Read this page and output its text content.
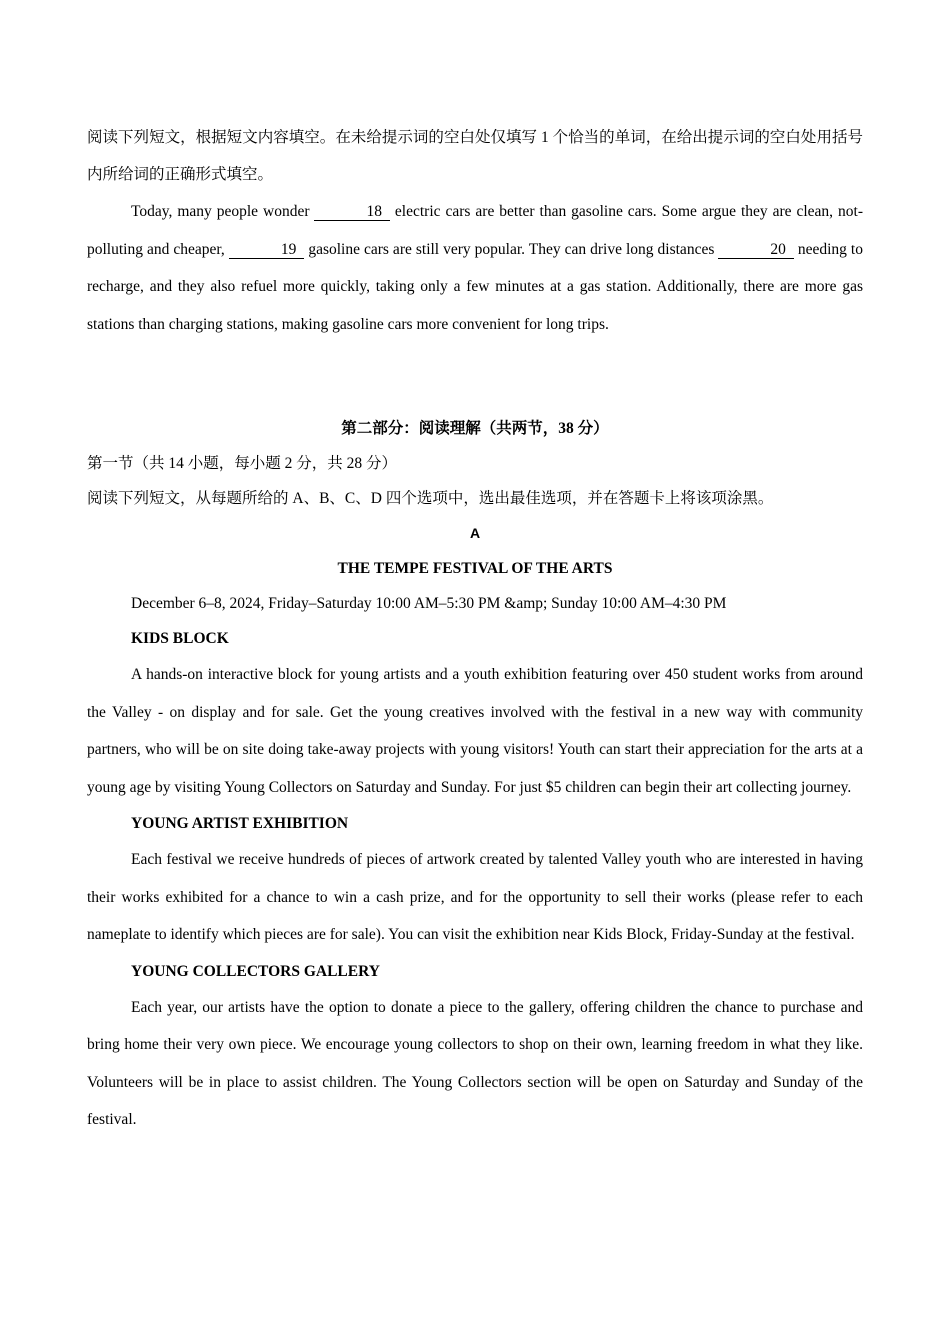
阅读下列短文，根据短文内容填空。在未给提示词的空白处仅填写 1 个恰当的单词，在给出提示词的空白处用括号内所给词的正确形式填空。

Today, many people wonder	18 electric cars are better than gasoline cars. Some argue they are clean, not-polluting and cheaper,	19 gasoline cars are still very popular. They can drive long distances	20 needing to recharge, and they also refuel more quickly, taking only a few minutes at a gas station. Additionally, there are more gas stations than charging stations, making gasoline cars more convenient for long trips.

第二部分：阅读理解（共两节，38 分）

第一节（共 14 小题，每小题 2 分，共 28 分）

阅读下列短文，从每题所给的 A、B、C、D 四个选项中，选出最佳选项，并在答题卡上将该项涂黑。

A

THE TEMPE FESTIVAL OF THE ARTS

December 6–8, 2024, Friday–Saturday 10:00 AM–5:30 PM &amp; Sunday 10:00 AM–4:30 PM

KIDS BLOCK

A hands-on interactive block for young artists and a youth exhibition featuring over 450 student works from around the Valley - on display and for sale. Get the young creatives involved with the festival in a new way with community partners, who will be on site doing take-away projects with young visitors! Youth can start their appreciation for the arts at a young age by visiting Young Collectors on Saturday and Sunday. For just $5 children can begin their art collecting journey.

YOUNG ARTIST EXHIBITION

Each festival we receive hundreds of pieces of artwork created by talented Valley youth who are interested in having their works exhibited for a chance to win a cash prize, and for the opportunity to sell their works (please refer to each nameplate to identify which pieces are for sale). You can visit the exhibition near Kids Block, Friday-Sunday at the festival.

YOUNG COLLECTORS GALLERY

Each year, our artists have the option to donate a piece to the gallery, offering children the chance to purchase and bring home their very own piece. We encourage young collectors to shop on their own, learning freedom in what they like. Volunteers will be in place to assist children. The Young Collectors section will be open on Saturday and Sunday of the festival.
